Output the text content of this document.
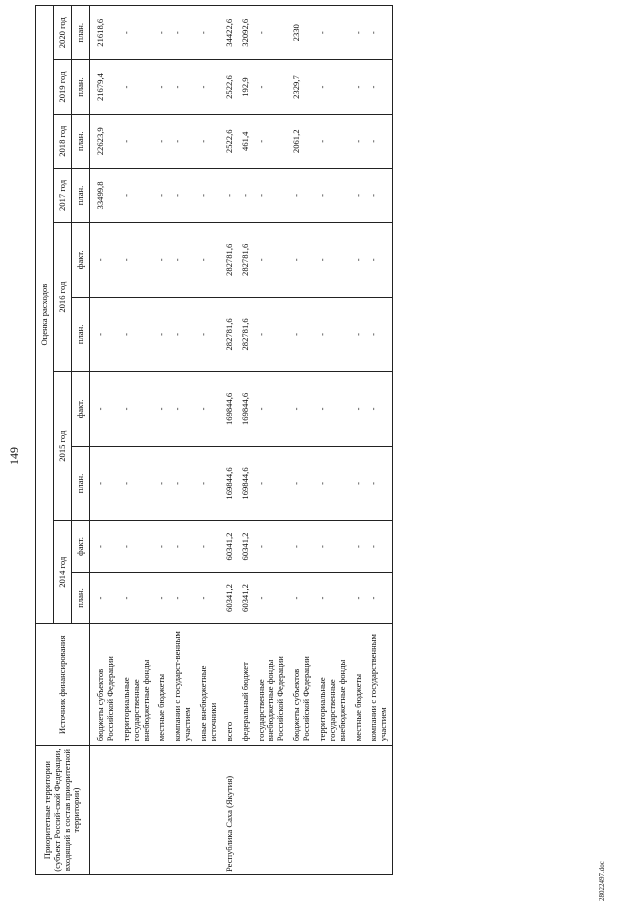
149
Приоритетные территории (субъект Россий-ской Федерации, входящий в состав приоритетной территории)	Источник финансирования	Оценка расходов									
		2014 год		2015 год		2016 год		2017 год	2018 год	2019 год	2020 год
		план.	факт.	план.	факт.	план.	факт.	план.	план.	план.	план.
	бюджеты субъектов Российской Федерации	-	-	-	-	-	-	33499,8	22623,9	21679,4	21618,6
	территориальные государственные внебюджетные фонды	-	-	-	-	-	-	-	-	-	-
	местные бюджеты	-	-	-	-	-	-	-	-	-	-
	компании с государст-венным участием	-	-	-	-	-	-	-	-	-	-
	иные внебюджетные источники	-	-	-	-	-	-	-	-	-	-
Республика Саха (Якутия)	всего	60341,2	60341,2	169844,6	169844,6	282781,6	282781,6	-	2522,6	2522,6	34422,6
	федеральный бюджет	60341,2	60341,2	169844,6	169844,6	282781,6	282781,6	-	461,4	192,9	32092,6
	государственные внебюджетные фонды Российской Федерации	-	-	-	-	-	-	-	-	-	-
	бюджеты субъектов Российской Федерации	-	-	-	-	-	-	-	2061,2	2329,7	2330
	территориальные государственные внебюджетные фонды	-	-	-	-	-	-	-	-	-	-
	местные бюджеты	-	-	-	-	-	-	-	-	-	-
	компании с государственным участием	-	-	-	-	-	-	-	-	-	-
28022497.doc
